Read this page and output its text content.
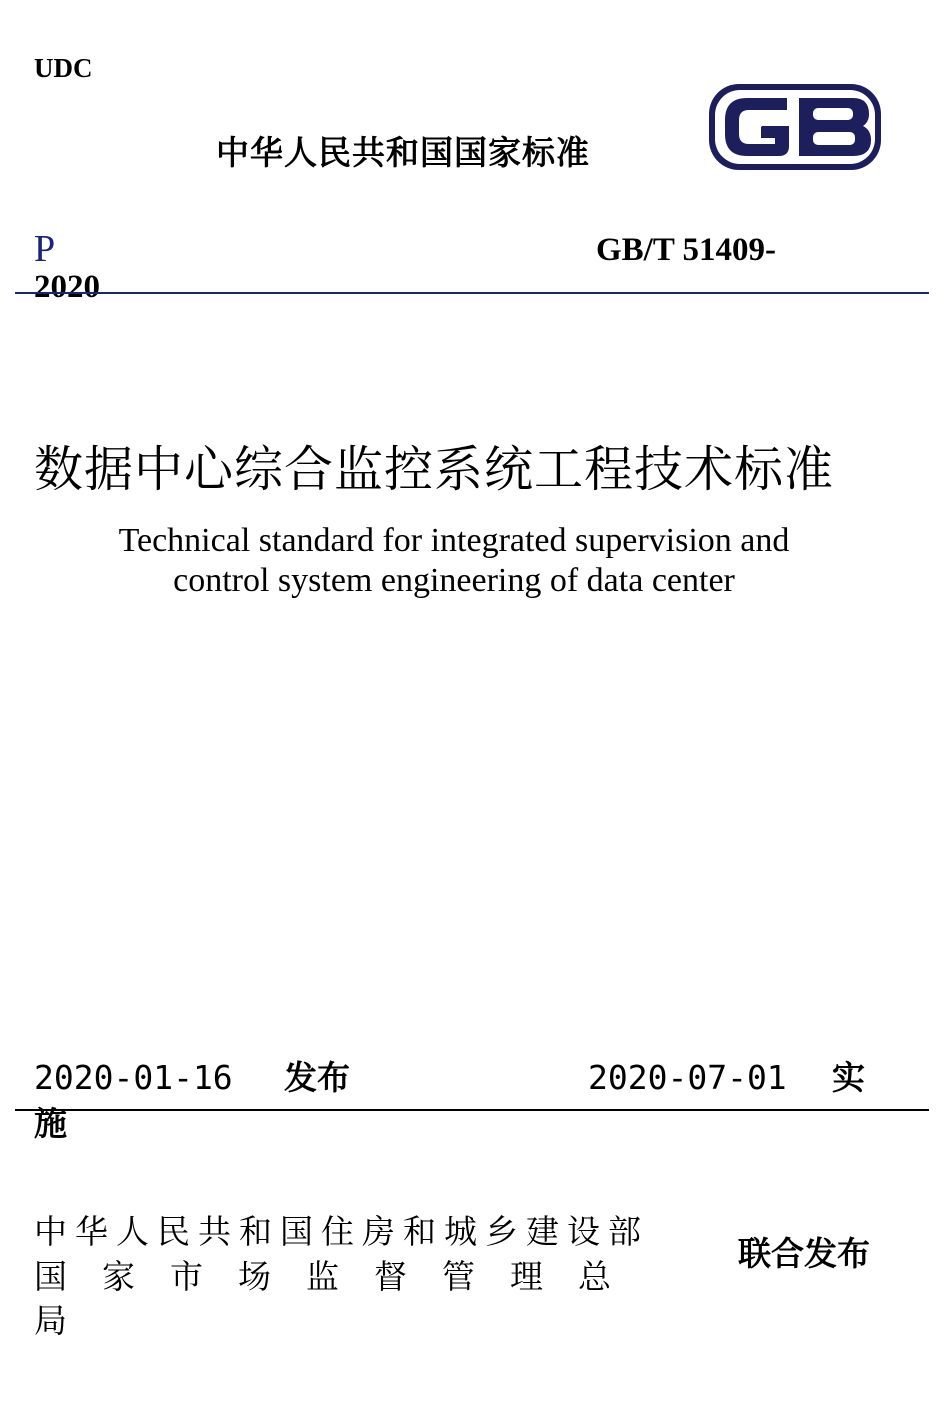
UDC
中华人民共和国国家标准
P	GB/T 51409-
2020
数据中心综合监控系统工程技术标准
Technical standard for integrated supervision and
control system engineering of data center
2020-01-16 发布	2020-07-01 实
施
中华人民共和国住房和城乡建设部
国家市场监督管理总
局
联合发布
